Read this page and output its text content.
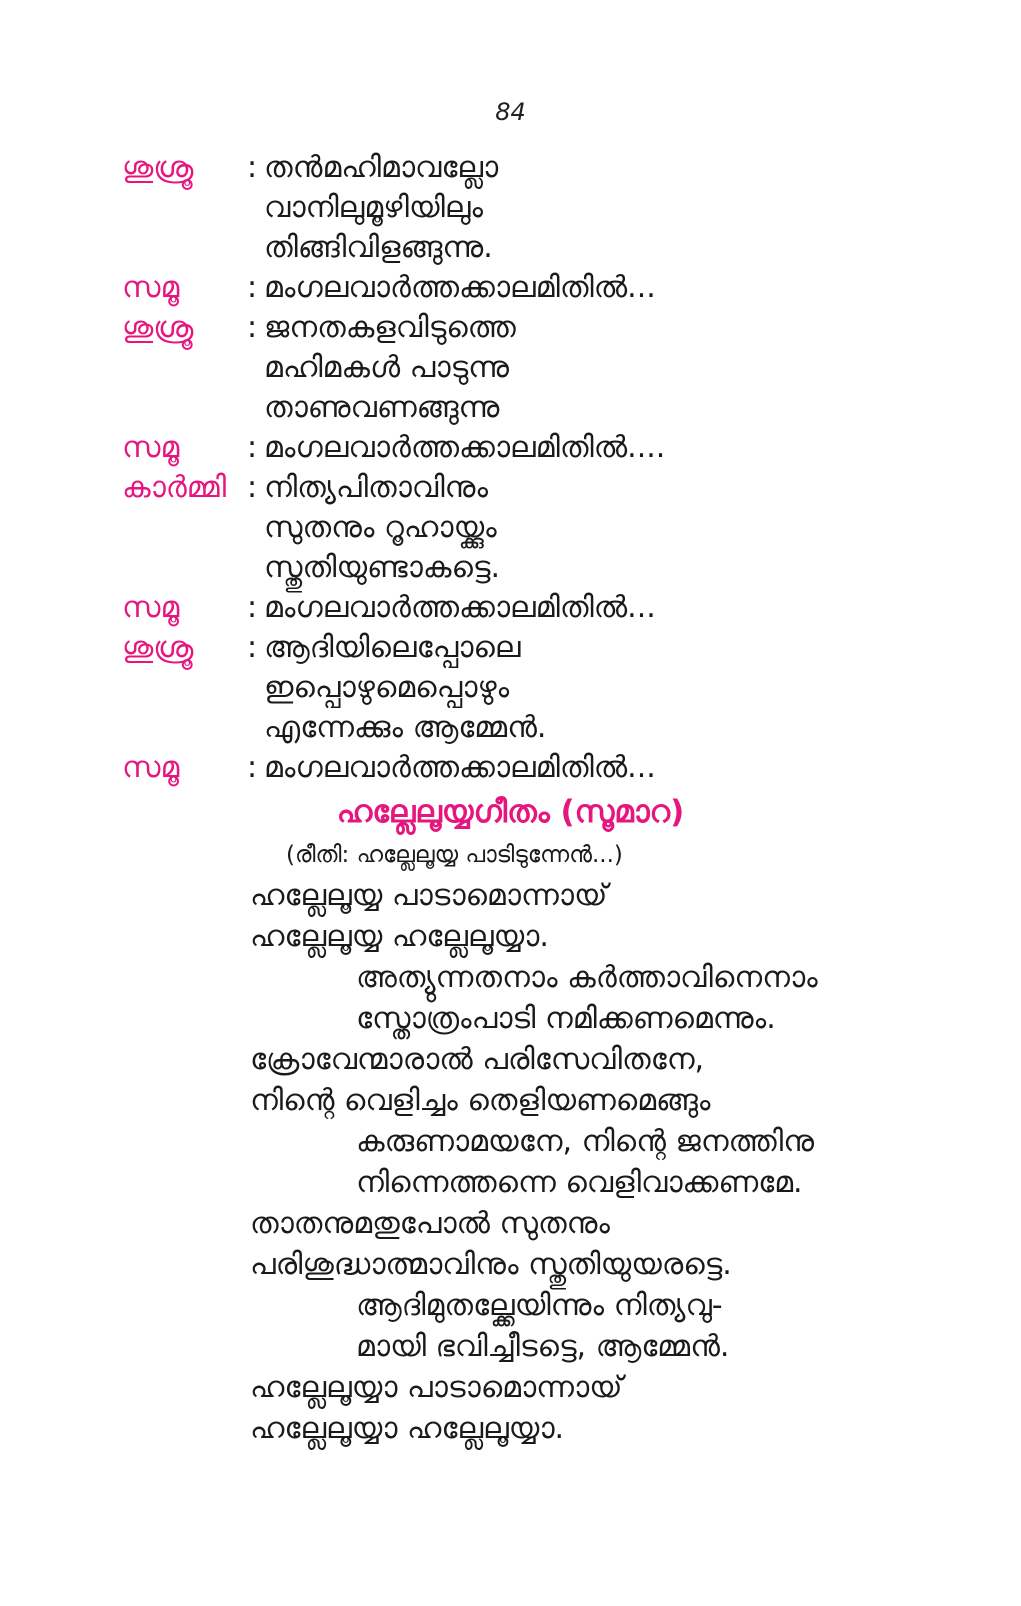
84
ശുശ്രൂ : തൻമഹിമാവല്ലോ
വാനിലുമൂഴിയിലും
തിങ്ങിവിളങ്ങുന്നു.
സമൂ : മംഗലവാർത്തക്കാലമിതിൽ...
ശുശ്രൂ : ജനതകളവിടുത്തെ
മഹിമകൾ പാടുന്നു
താണുവണങ്ങുന്നു
സമൂ : മംഗലവാർത്തക്കാലമിതിൽ....
കാർമ്മി : നിത്യപിതാവിനും
സുതനും റൂഹായ്ക്കും
സ്തുതിയുണ്ടാകട്ടെ.
സമൂ : മംഗലവാർത്തക്കാലമിതിൽ...
ശുശ്രൂ : ആദിയിലെപ്പോലെ
ഇപ്പൊഴുമെപ്പൊഴും
എന്നേക്കും ആമ്മേൻ.
സമൂ : മംഗലവാർത്തക്കാലമിതിൽ...
ഹല്ലേലൂയ്യഗീതം (സൂമാറ)
(രീതി: ഹല്ലേലൂയ്യ പാടിടുന്നേൻ...)
ഹല്ലേലൂയ്യ പാടാമൊന്നായ്
ഹല്ലേലൂയ്യ ഹല്ലേലൂയ്യാ.
അത്യുന്നതനാം കർത്താവിനെനാം
സ്തോത്രംപാടി നമിക്കണമെന്നും.
ക്രോവേന്മാരാൽ പരിസേവിതനേ,
നിന്റെ വെളിച്ചം തെളിയണമെങ്ങും
കരുണാമയനേ, നിന്റെ ജനത്തിനു
നിന്നെത്തന്നെ വെളിവാക്കണമേ.
താതനുമതുപോൽ സുതനും
പരിശുദ്ധാത്മാവിനും സ്തുതിയുയരട്ടെ.
ആദിമുതല്ക്കേയിന്നും നിത്യവു-
മായി ഭവിച്ചീടട്ടെ, ആമ്മേൻ.
ഹല്ലേലൂയ്യാ പാടാമൊന്നായ്
ഹല്ലേലൂയ്യാ ഹല്ലേലൂയ്യാ.
